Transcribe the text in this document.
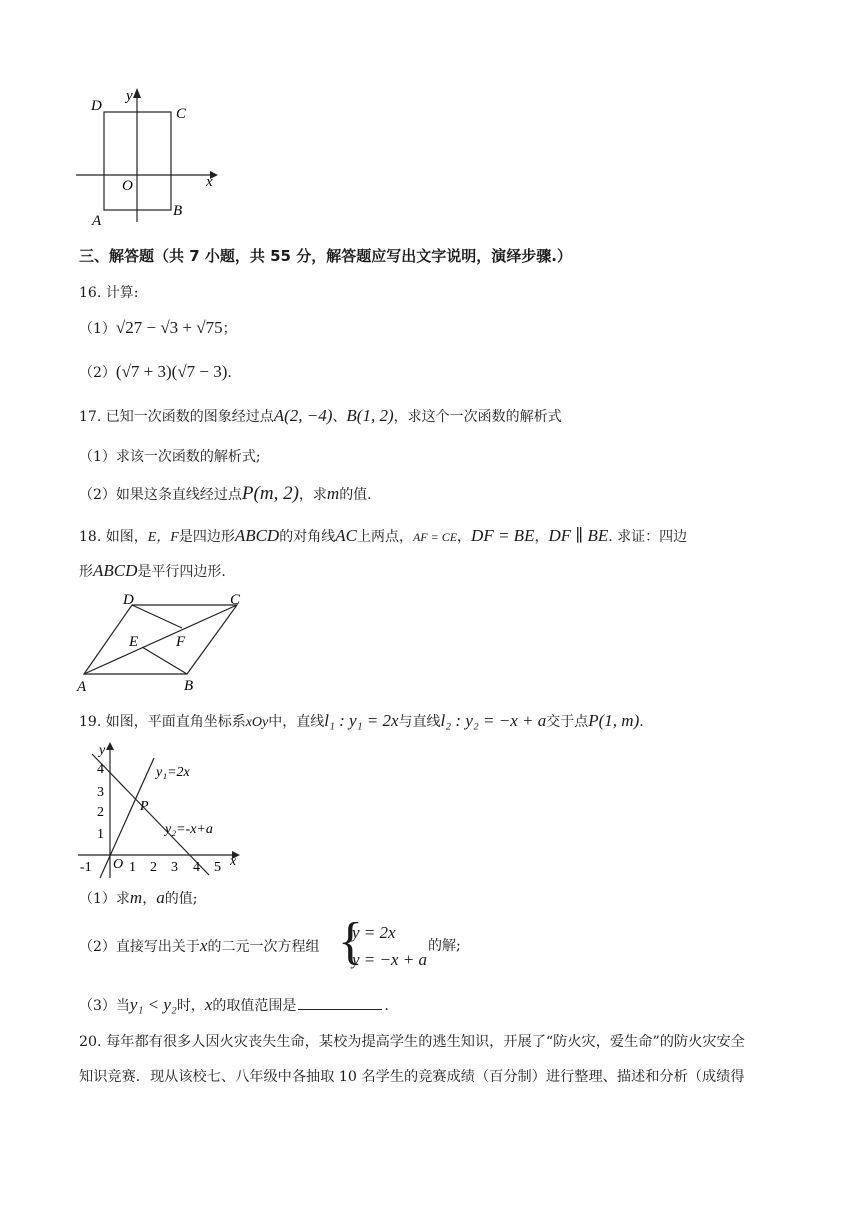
D	C
A
B
O	x
y
三、解答题（共 7 小题，共 55 分，解答题应写出文字说明，演绎步骤.）
16. 计算:
（1）√27 − √3 + √75；
（2）(√7 + 3)(√7 − 3).
17. 已知一次函数的图象经过点A(2, −4)、B(1, 2)，求这个一次函数的解析式
（1）求该一次函数的解析式;
（2）如果这条直线经过点P(m, 2)，求m的值.
18. 如图，E，F是四边形ABCD的对角线AC上两点，AF = CE，DF = BE，DF ∥ BE. 求证：四边
形ABCD是平行四边形.
D	C
E	F
A	B
19. 如图，平面直角坐标系xOy中，直线l₁ : y₁ = 2x与直线l₂ : y₂ = −x + a交于点P(1, m).
y
x
O
P
4
3
2
1
-1	1 2 3 4 5
y₁=2x
y₂=-x+a
（1）求m，a的值;
（2）直接写出关于x的二元一次方程组 {
y = 2x
y = −x + a
的解;
（3）当y₁ < y₂时，x的取值范围是	.
20. 每年都有很多人因火灾丧失生命，某校为提高学生的逃生知识，开展了“防火灾，爱生命”的防火灾安全
知识竞赛．现从该校七、八年级中各抽取 10 名学生的竞赛成绩（百分制）进行整理、描述和分析（成绩得
